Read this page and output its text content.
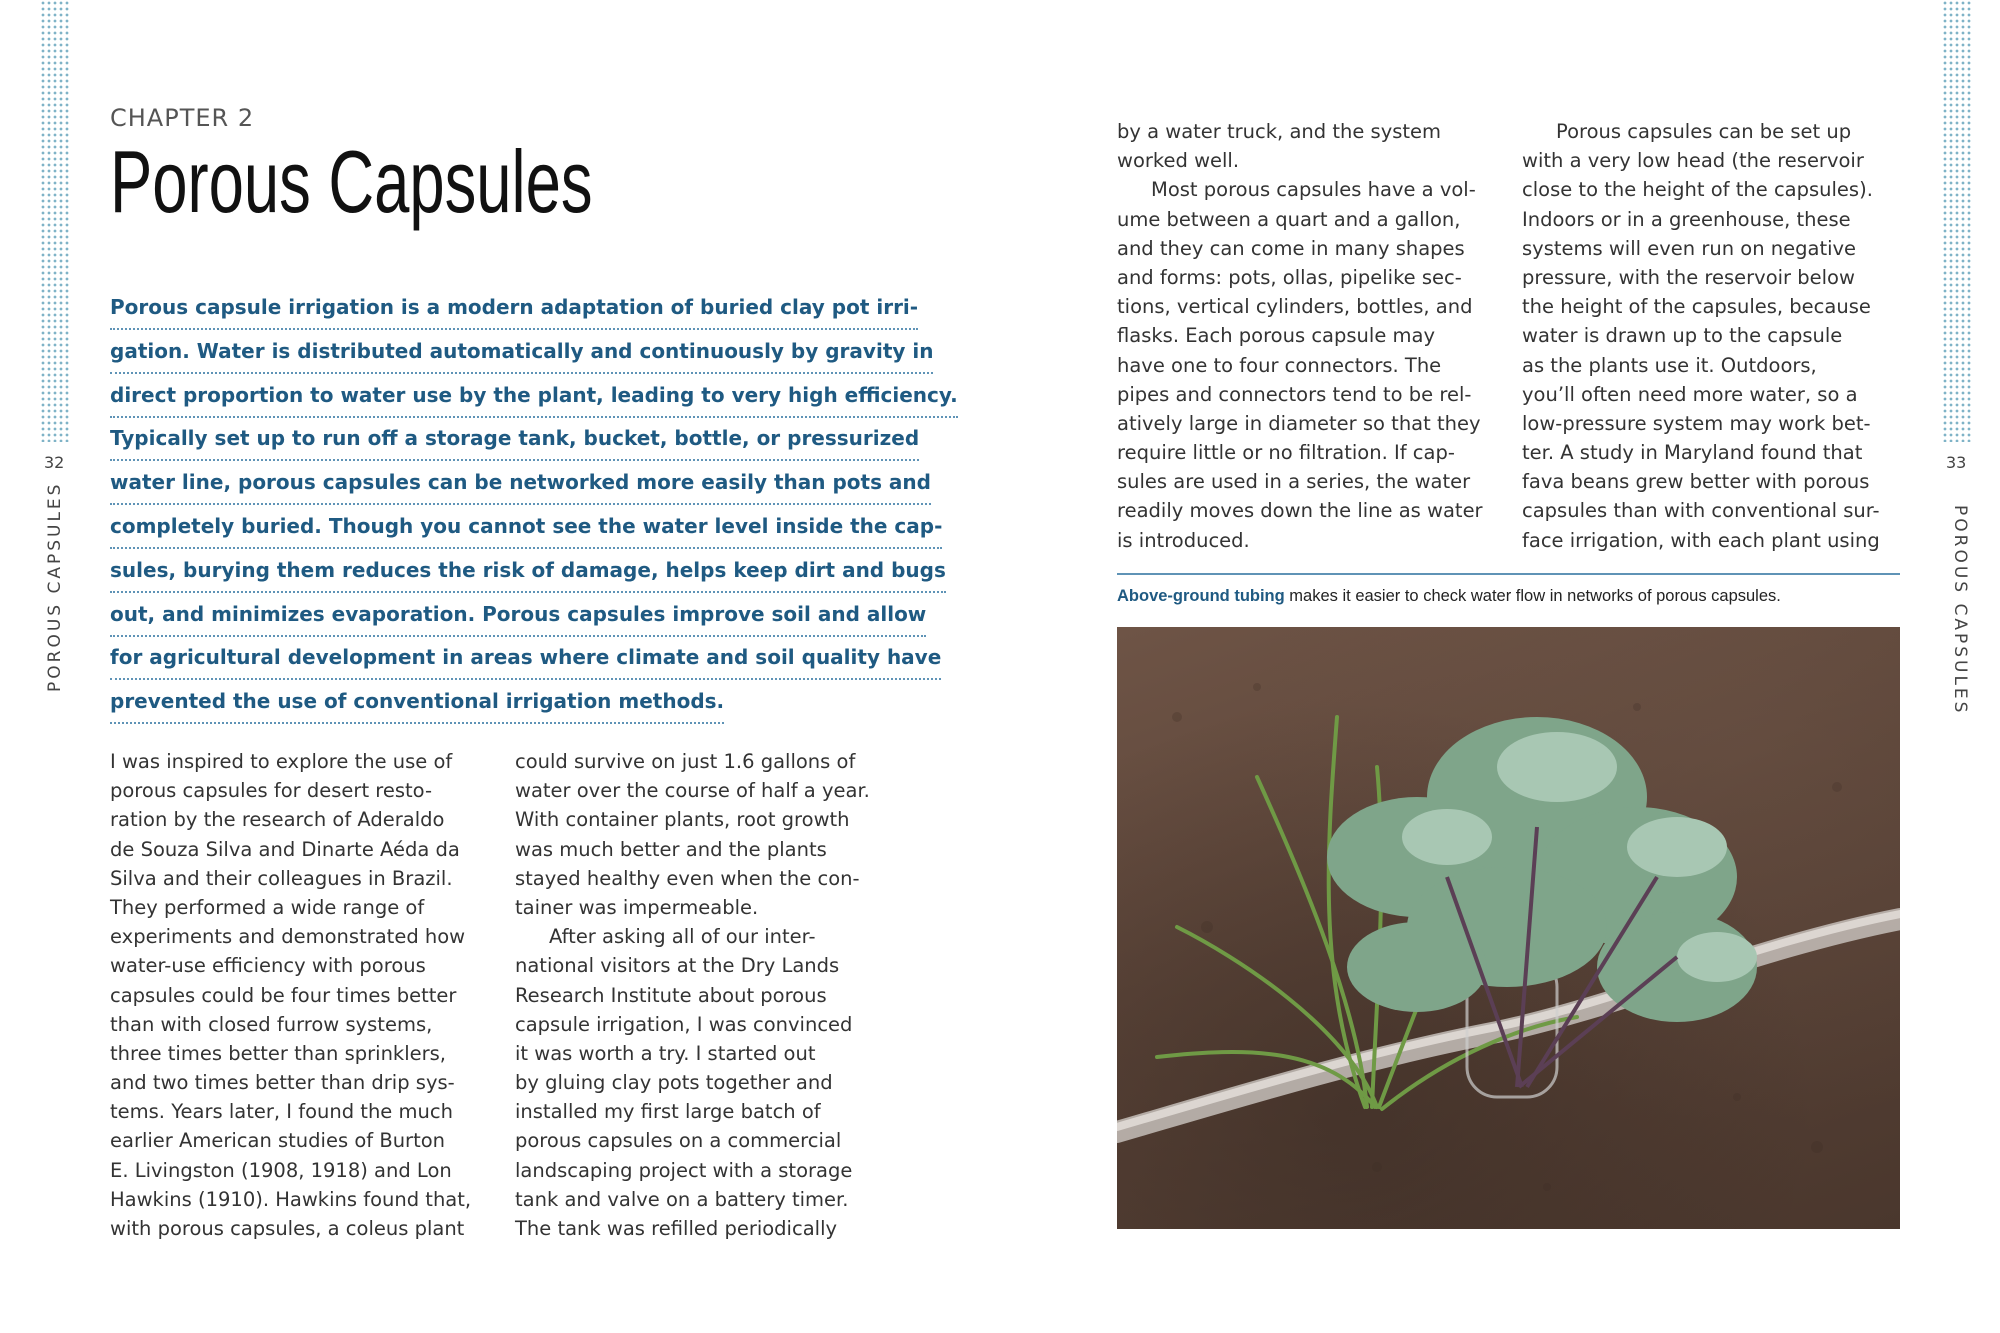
32	33
POROUS CAPSULES	POROUS CAPSULES
CHAPTER 2
Porous Capsules
Porous capsule irrigation is a modern adaptation of buried clay pot irri-
gation. Water is distributed automatically and continuously by gravity in
direct proportion to water use by the plant, leading to very high efficiency.
Typically set up to run off a storage tank, bucket, bottle, or pressurized
water line, porous capsules can be networked more easily than pots and
completely buried. Though you cannot see the water level inside the cap-
sules, burying them reduces the risk of damage, helps keep dirt and bugs
out, and minimizes evaporation. Porous capsules improve soil and allow
for agricultural development in areas where climate and soil quality have
prevented the use of conventional irrigation methods.
I was inspired to explore the use of
porous capsules for desert resto-
ration by the research of Aderaldo
de Souza Silva and Dinarte Aéda da
Silva and their colleagues in Brazil.
They performed a wide range of
experiments and demonstrated how
water-use efficiency with porous
capsules could be four times better
than with closed furrow systems,
three times better than sprinklers,
and two times better than drip sys-
tems. Years later, I found the much
earlier American studies of Burton
E. Livingston (1908, 1918) and Lon
Hawkins (1910). Hawkins found that,
with porous capsules, a coleus plant
could survive on just 1.6 gallons of
water over the course of half a year.
With container plants, root growth
was much better and the plants
stayed healthy even when the con-
tainer was impermeable.
After asking all of our inter-
national visitors at the Dry Lands
Research Institute about porous
capsule irrigation, I was convinced
it was worth a try. I started out
by gluing clay pots together and
installed my first large batch of
porous capsules on a commercial
landscaping project with a storage
tank and valve on a battery timer.
The tank was refilled periodically
by a water truck, and the system
worked well.
Most porous capsules have a vol-
ume between a quart and a gallon,
and they can come in many shapes
and forms: pots, ollas, pipelike sec-
tions, vertical cylinders, bottles, and
flasks. Each porous capsule may
have one to four connectors. The
pipes and connectors tend to be rel-
atively large in diameter so that they
require little or no filtration. If cap-
sules are used in a series, the water
readily moves down the line as water
is introduced.
Porous capsules can be set up
with a very low head (the reservoir
close to the height of the capsules).
Indoors or in a greenhouse, these
systems will even run on negative
pressure, with the reservoir below
the height of the capsules, because
water is drawn up to the capsule
as the plants use it. Outdoors,
you’ll often need more water, so a
low-pressure system may work bet-
ter. A study in Maryland found that
fava beans grew better with porous
capsules than with conventional sur-
face irrigation, with each plant using
Above-ground tubing makes it easier to check water flow in networks of porous capsules.
